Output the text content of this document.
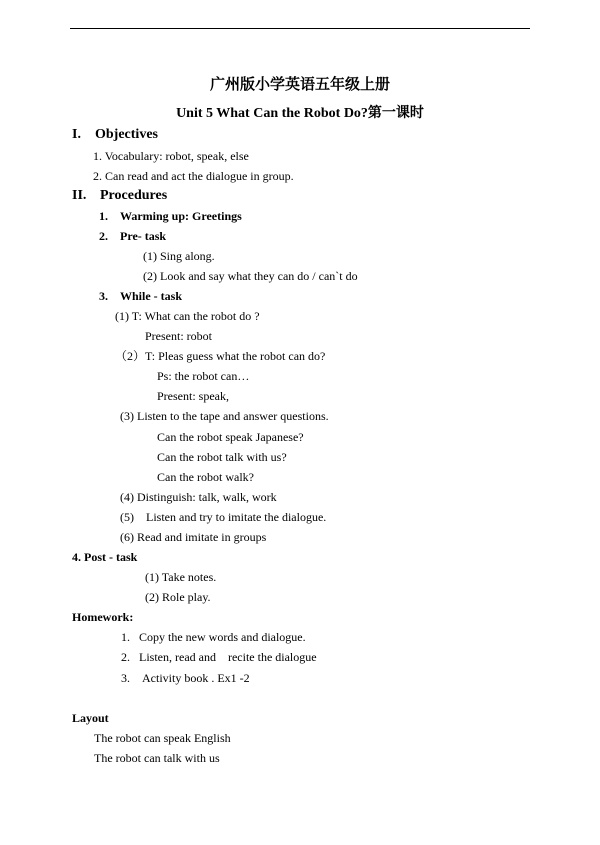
广州版小学英语五年级上册
Unit 5 What Can the Robot Do?第一课时
I. Objectives
1. Vocabulary: robot, speak, else
2. Can read and act the dialogue in group.
II. Procedures
1. Warming up: Greetings
2. Pre- task
(1) Sing along.
(2) Look and say what they can do / can`t do
3. While - task
(1) T: What can the robot do ?
Present: robot
（2）T: Pleas guess what the robot can do?
Ps: the robot can…
Present: speak,
(3) Listen to the tape and answer questions.
Can the robot speak Japanese?
Can the robot talk with us?
Can the robot walk?
(4) Distinguish: talk, walk, work
(5)    Listen and try to imitate the dialogue.
(6) Read and imitate in groups
4. Post - task
(1) Take notes.
(2) Role play.
Homework:
1. Copy the new words and dialogue.
2. Listen, read and    recite the dialogue
3. Activity book . Ex1 -2
Layout
The robot can speak English
The robot can talk with us
